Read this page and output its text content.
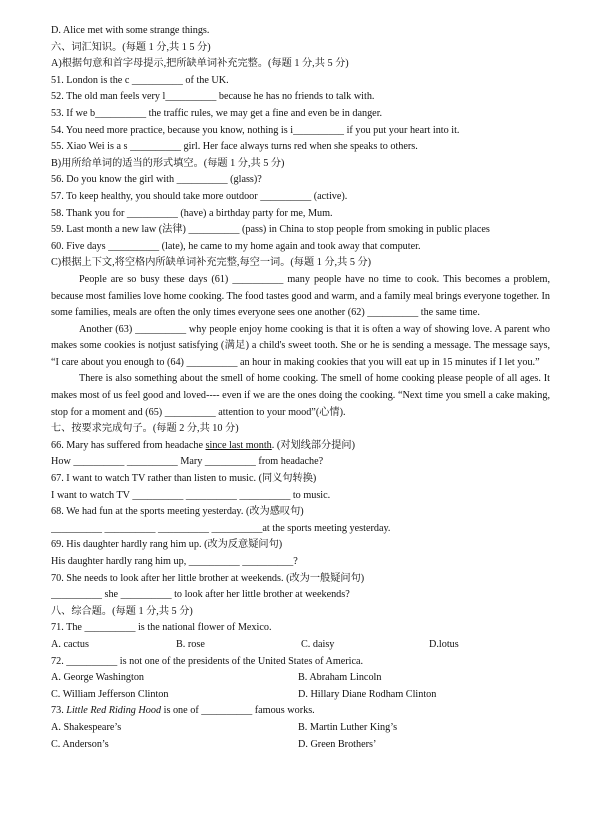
D. Alice met with some strange things.
六、词汇知识。(每题 1 分,共 1 5 分)
A)根据句意和首字母提示,把所缺单词补充完整。(每题 1 分,共 5 分)
51. London is the c __________ of the UK.
52. The old man feels very l__________ because he has no friends to talk with.
53. If we b__________ the traffic rules, we may get a fine and even be in danger.
54. You need more practice, because you know, nothing is i__________ if you put your heart into it.
55. Xiao Wei is a s __________ girl. Her face always turns red when she speaks to others.
B)用所给单词的适当的形式填空。(每题 1 分,共 5 分)
56. Do you know the girl with __________ (glass)?
57. To keep healthy, you should take more outdoor __________ (active).
58. Thank you for __________ (have) a birthday party for me, Mum.
59. Last month a new law (法律) __________ (pass) in China to stop people from smoking in public places
60. Five days __________ (late), he came to my home again and took away that computer.
C)根据上下文,将空格内所缺单词补充完整,每空一词。(每题 1 分,共 5 分)

People are so busy these days (61) __________ many people have no time to cook. This becomes a problem, because most families love home cooking. The food tastes good and warm, and a family meal brings everyone together. In some families, meals are often the only times everyone sees one another (62) __________ the same time.

Another (63) __________ why people enjoy home cooking is that it is often a way of showing love. A parent who makes some cookies is notjust satisfying (满足) a child's sweet tooth. She or he is sending a message. The message says, “I care about you enough to (64) __________ an hour in making cookies that you will eat up in 15 minutes if I let you.”

There is also something about the smell of home cooking. The smell of home cooking please people of all ages. It makes most of us feel good and loved---- even if we are the ones doing the cooking. “Next time you smell a cake making, stop for a moment and (65) __________ attention to your mood”(心情).

七、按要求完成句子。(每题 2 分,共 10 分)
66. Mary has suffered from headache since last month. (对划线部分提问)
How __________ __________ Mary __________ from headache?
67. I want to watch TV rather than listen to music. (同义句转换)
I want to watch TV __________ __________ __________ to music.
68. We had fun at the sports meeting yesterday. (改为感叹句)
__________ __________ __________ __________at the sports meeting yesterday.
69. His daughter hardly rang him up. (改为反意疑问句)
His daughter hardly rang him up, __________ __________?
70. She needs to look after her little brother at weekends. (改为一般疑问句)
__________ she __________ to look after her little brother at weekends?
八、综合题。(每题 1 分,共 5 分)
71. The __________ is the national flower of Mexico.
A. cactus	B. rose	C. daisy	D.lotus
72. __________ is not one of the presidents of the United States of America.
A. George Washington	B. Abraham Lincoln
C. William Jefferson Clinton	D. Hillary Diane Rodham Clinton
73. Little Red Riding Hood is one of __________ famous works.
A. Shakespeare’s	B. Martin Luther King’s
C. Anderson’s	D. Green Brothers’
